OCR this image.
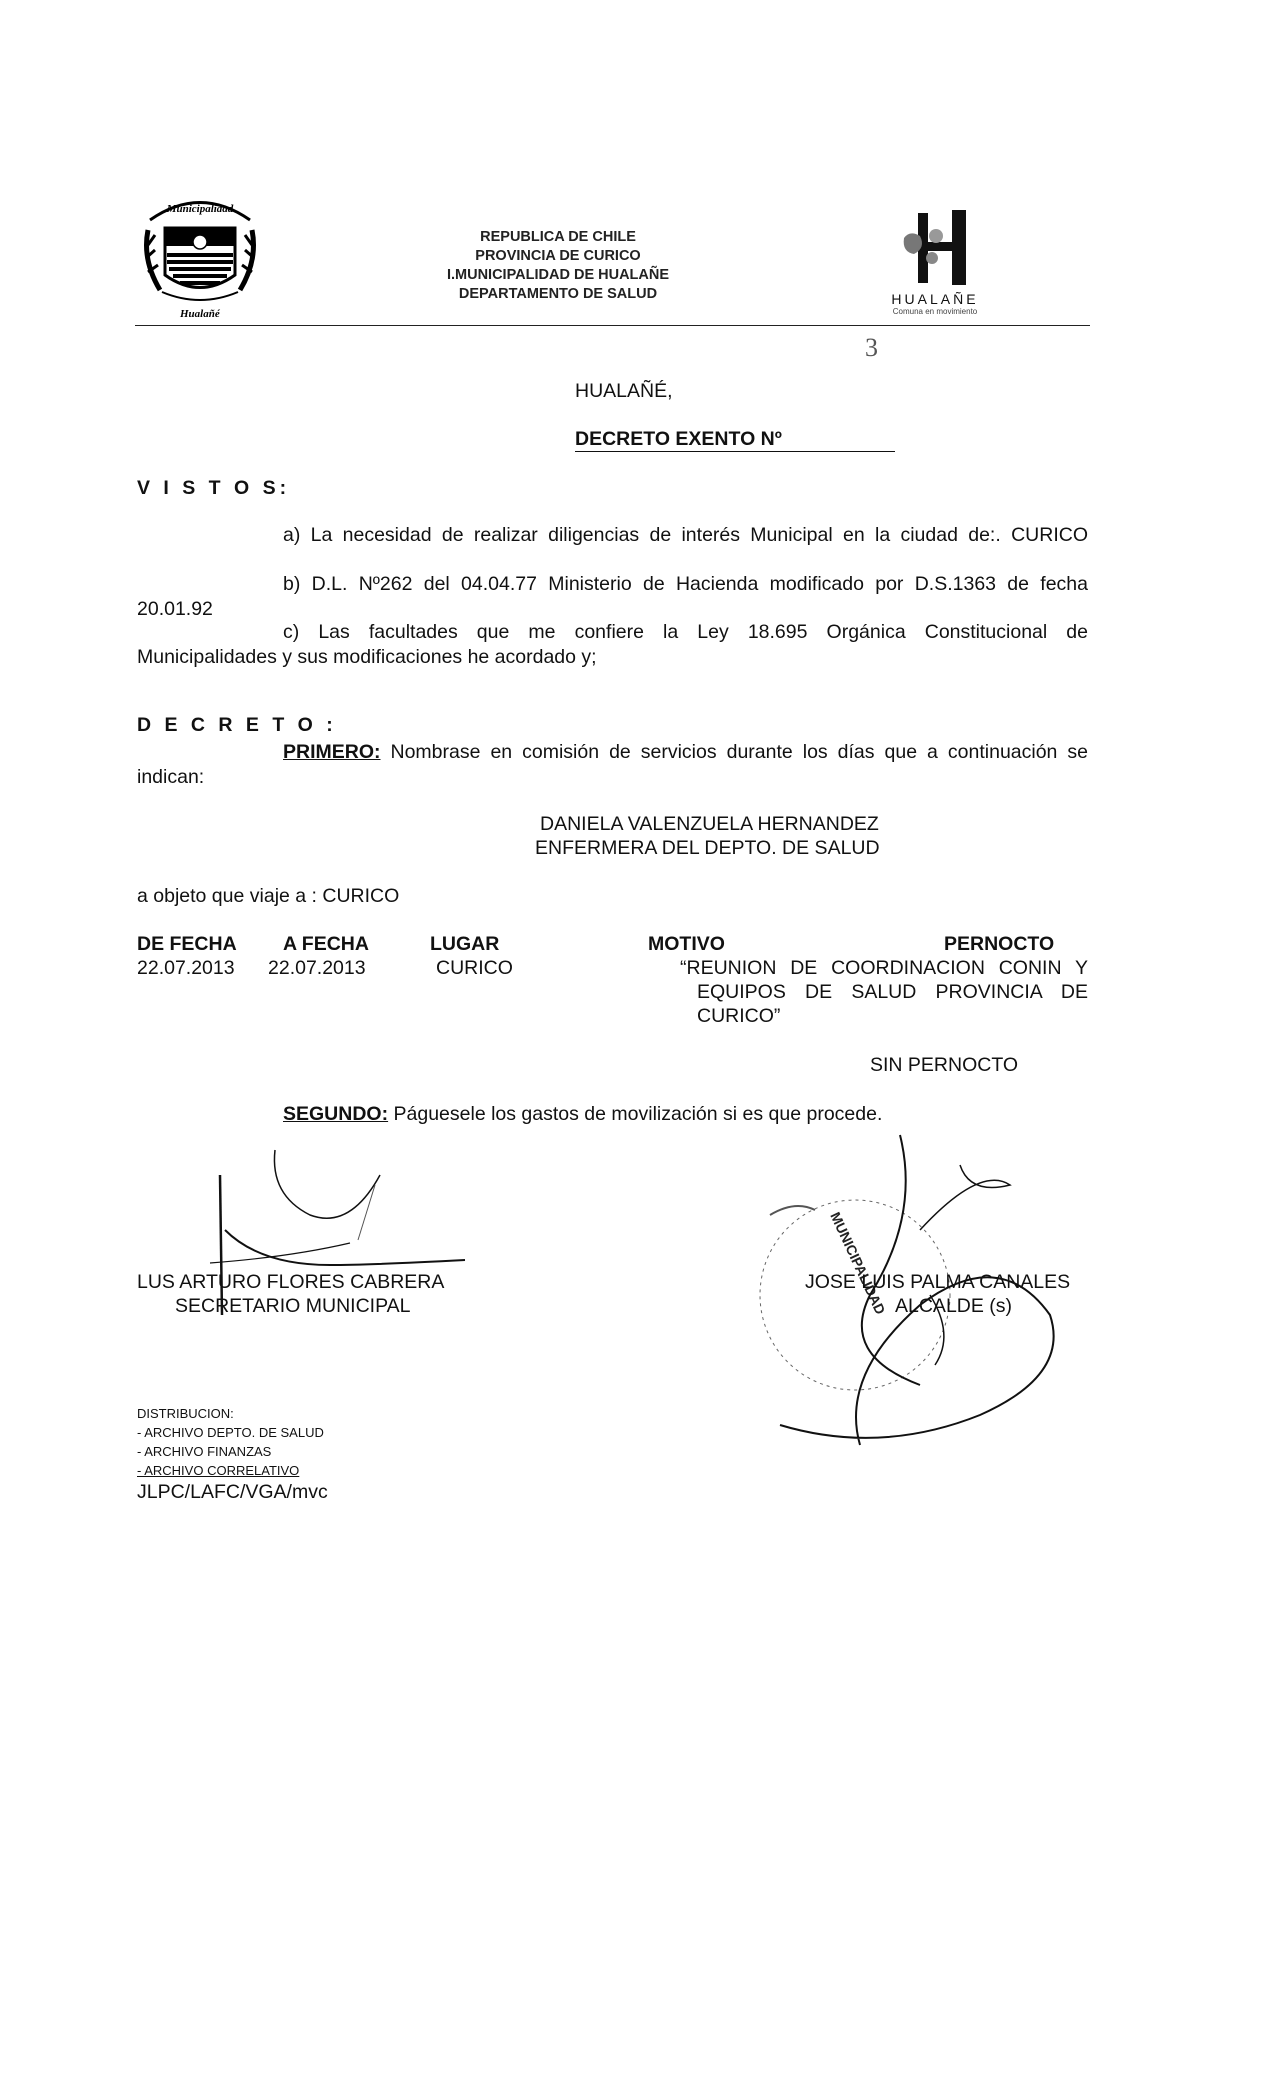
Municipalidad
Hualañé
REPUBLICA DE CHILE
PROVINCIA DE CURICO
I.MUNICIPALIDAD DE HUALAÑE
DEPARTAMENTO DE SALUD	HUALAÑE
Comuna en movimiento
3
HUALAÑÉ,
DECRETO EXENTO Nº
V I S T O S:
a) La necesidad de realizar diligencias de interés Municipal en la ciudad de:. CURICO
b) D.L. Nº262 del 04.04.77 Ministerio de Hacienda modificado por D.S.1363 de fecha
20.01.92
c) Las facultades que me confiere la Ley 18.695 Orgánica Constitucional de
Municipalidades y sus modificaciones he acordado y;
D E C R E T O :
PRIMERO: Nombrase en comisión de servicios durante los días que a continuación se
indican:
DANIELA VALENZUELA HERNANDEZ
ENFERMERA DEL DEPTO. DE SALUD
a objeto que viaje a : CURICO
DE FECHA A FECHA	LUGAR	MOTIVO	PERNOCTO
22.07.2013 22.07.2013	CURICO	“REUNION DE COORDINACION CONIN Y
EQUIPOS DE SALUD PROVINCIA DE
CURICO”
SIN PERNOCTO
SEGUNDO: Páguesele los gastos de movilización si es que procede.
LUS ARTURO FLORES CABRERA
SECRETARIO MUNICIPAL	MUNICIPALIDAD
JOSE LUIS PALMA CANALES
ALCALDE (s)
DISTRIBUCION:
- ARCHIVO DEPTO. DE SALUD
- ARCHIVO FINANZAS
- ARCHIVO CORRELATIVO
JLPC/LAFC/VGA/mvc
